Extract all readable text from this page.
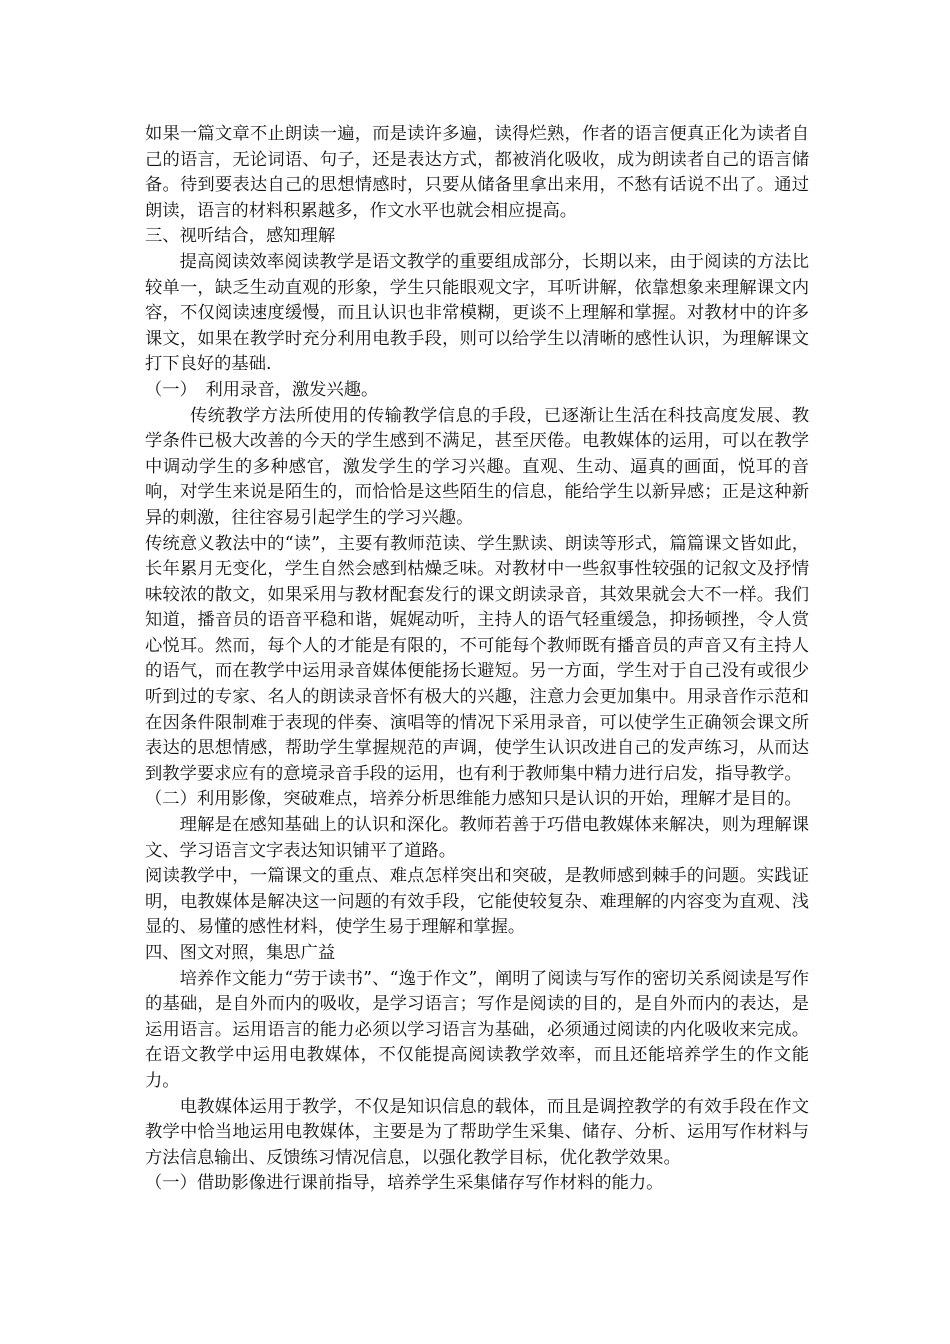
如果一篇文章不止朗读一遍，而是读许多遍，读得烂熟，作者的语言便真正化为读者自己的语言，无论词语、句子，还是表达方式，都被消化吸收，成为朗读者自己的语言储备。待到要表达自己的思想情感时，只要从储备里拿出来用，不愁有话说不出了。通过朗读，语言的材料积累越多，作文水平也就会相应提高。

三、视听结合，感知理解

提高阅读效率阅读教学是语文教学的重要组成部分，长期以来，由于阅读的方法比较单一，缺乏生动直观的形象，学生只能眼观文字，耳听讲解，依靠想象来理解课文内容，不仅阅读速度缓慢，而且认识也非常模糊，更谈不上理解和掌握。对教材中的许多课文，如果在教学时充分利用电教手段，则可以给学生以清晰的感性认识，为理解课文打下良好的基础.

（一）　利用录音，激发兴趣。

传统教学方法所使用的传输教学信息的手段，已逐渐让生活在科技高度发展、教学条件已极大改善的今天的学生感到不满足，甚至厌倦。电教媒体的运用，可以在教学中调动学生的多种感官，激发学生的学习兴趣。直观、生动、逼真的画面，悦耳的音响，对学生来说是陌生的，而恰恰是这些陌生的信息，能给学生以新异感；正是这种新异的刺激，往往容易引起学生的学习兴趣。

传统意义教法中的“读”，主要有教师范读、学生默读、朗读等形式，篇篇课文皆如此，长年累月无变化，学生自然会感到枯燥乏味。对教材中一些叙事性较强的记叙文及抒情味较浓的散文，如果采用与教材配套发行的课文朗读录音，其效果就会大不一样。我们知道，播音员的语音平稳和谐，娓娓动听，主持人的语气轻重缓急，抑扬顿挫，令人赏心悦耳。然而，每个人的才能是有限的，不可能每个教师既有播音员的声音又有主持人的语气，而在教学中运用录音媒体便能扬长避短。另一方面，学生对于自己没有或很少听到过的专家、名人的朗读录音怀有极大的兴趣，注意力会更加集中。用录音作示范和在因条件限制难于表现的伴奏、演唱等的情况下采用录音，可以使学生正确领会课文所表达的思想情感，帮助学生掌握规范的声调，使学生认识改进自己的发声练习，从而达到教学要求应有的意境录音手段的运用，也有利于教师集中精力进行启发，指导教学。

（二）利用影像，突破难点，培养分析思维能力感知只是认识的开始，理解才是目的。

理解是在感知基础上的认识和深化。教师若善于巧借电教媒体来解决，则为理解课文、学习语言文字表达知识铺平了道路。

阅读教学中，一篇课文的重点、难点怎样突出和突破，是教师感到棘手的问题。实践证明，电教媒体是解决这一问题的有效手段，它能使较复杂、难理解的内容变为直观、浅显的、易懂的感性材料，使学生易于理解和掌握。

四、图文对照，集思广益

培养作文能力“劳于读书”、“逸于作文”，阐明了阅读与写作的密切关系阅读是写作的基础，是自外而内的吸收，是学习语言；写作是阅读的目的，是自外而内的表达，是运用语言。运用语言的能力必须以学习语言为基础，必须通过阅读的内化吸收来完成。在语文教学中运用电教媒体，不仅能提高阅读教学效率，而且还能培养学生的作文能力。

电教媒体运用于教学，不仅是知识信息的载体，而且是调控教学的有效手段在作文教学中恰当地运用电教媒体，主要是为了帮助学生采集、储存、分析、运用写作材料与方法信息输出、反馈练习情况信息，以强化教学目标，优化教学效果。

（一）借助影像进行课前指导，培养学生采集储存写作材料的能力。
